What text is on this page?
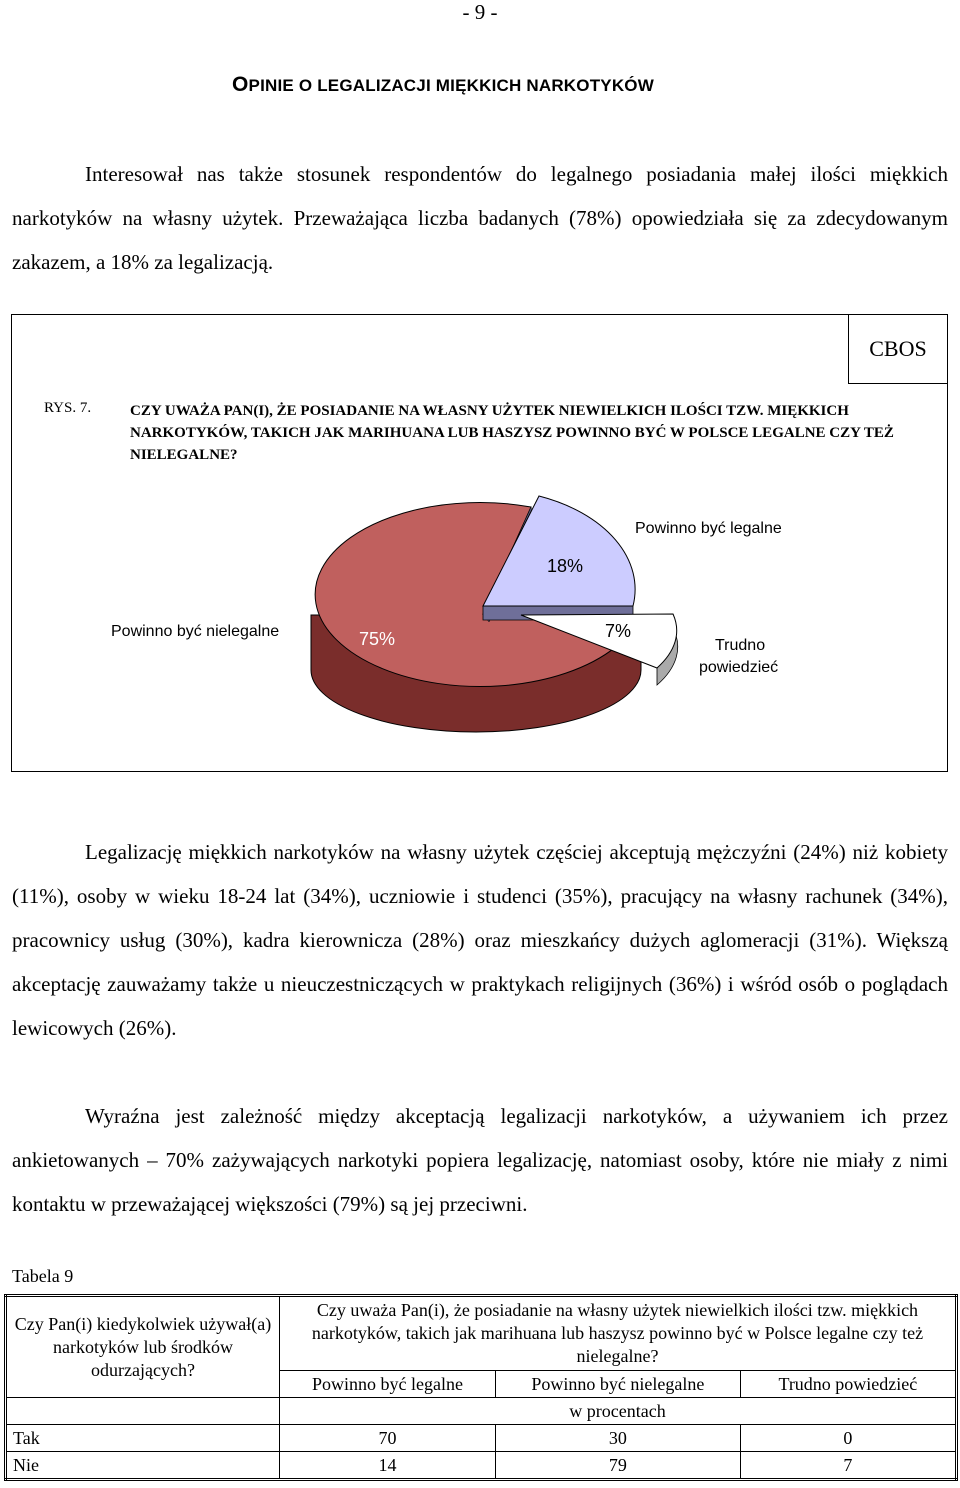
- 9 -
OPINIE O LEGALIZACJI MIĘKKICH NARKOTYKÓW

Interesował nas także stosunek respondentów do legalnego posiadania małej ilości miękkich narkotyków na własny użytek. Przeważająca liczba badanych (78%) opowiedziała się za zdecydowanym zakazem, a 18% za legalizacją.

CBOS
RYS. 7.	CZY UWAŻA PAN(I), ŻE POSIADANIE NA WŁASNY UŻYTEK NIEWIELKICH ILOŚCI TZW. MIĘKKICH NARKOTYKÓW, TAKICH JAK MARIHUANA LUB HASZYSZ POWINNO BYĆ W POLSCE LEGALNE CZY TEŻ NIELEGALNE?
18%
75%	7%
Powinno być legalne
Powinno być nielegalne
Trudno
powiedzieć

Legalizację miękkich narkotyków na własny użytek częściej akceptują mężczyźni (24%) niż kobiety (11%), osoby w wieku 18-24 lat (34%), uczniowie i studenci (35%), pracujący na własny rachunek (34%), pracownicy usług (30%), kadra kierownicza (28%) oraz mieszkańcy dużych aglomeracji (31%). Większą akceptację zauważamy także u nieuczestniczących w praktykach religijnych (36%) i wśród osób o poglądach lewicowych (26%).

Wyraźna jest zależność między akceptacją legalizacji narkotyków, a używaniem ich przez ankietowanych – 70% zażywających narkotyki popiera legalizację, natomiast osoby, które nie miały z nimi kontaktu w przeważającej większości (79%) są jej przeciwni.

Tabela 9
Czy Pan(i) kiedykolwiek używał(a) narkotyków lub środków odurzających?	Czy uważa Pan(i), że posiadanie na własny użytek niewielkich ilości tzw. miękkich narkotyków, takich jak marihuana lub haszysz powinno być w Polsce legalne czy też nielegalne?		
	Powinno być legalne	Powinno być nielegalne	Trudno powiedzieć
	w procentach		
Tak	70	30	0
Nie	14	79	7
